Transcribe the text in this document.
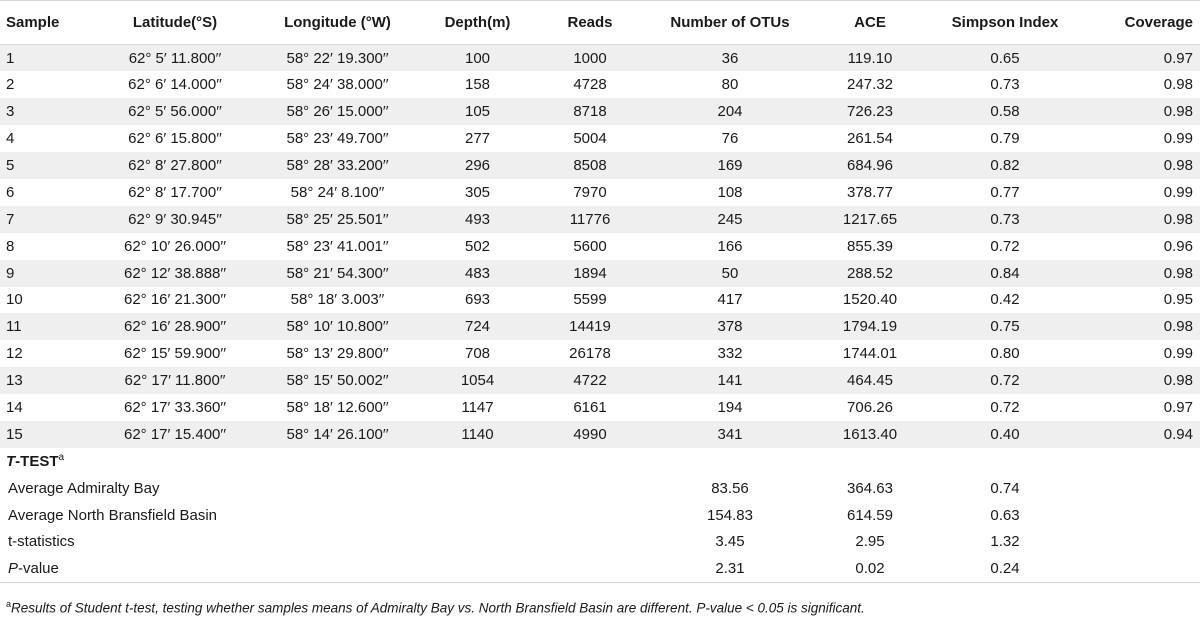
Sample	Latitude(°S)	Longitude (°W)	Depth(m)	Reads	Number of OTUs	ACE	Simpson Index	Coverage
1	62° 5′ 11.800′′	58° 22′ 19.300′′	100	1000	36	119.10	0.65	0.97
2	62° 6′ 14.000′′	58° 24′ 38.000′′	158	4728	80	247.32	0.73	0.98
3	62° 5′ 56.000′′	58° 26′ 15.000′′	105	8718	204	726.23	0.58	0.98
4	62° 6′ 15.800′′	58° 23′ 49.700′′	277	5004	76	261.54	0.79	0.99
5	62° 8′ 27.800′′	58° 28′ 33.200′′	296	8508	169	684.96	0.82	0.98
6	62° 8′ 17.700′′	58° 24′ 8.100′′	305	7970	108	378.77	0.77	0.99
7	62° 9′ 30.945′′	58° 25′ 25.501′′	493	11776	245	1217.65	0.73	0.98
8	62° 10′ 26.000′′	58° 23′ 41.001′′	502	5600	166	855.39	0.72	0.96
9	62° 12′ 38.888′′	58° 21′ 54.300′′	483	1894	50	288.52	0.84	0.98
10	62° 16′ 21.300′′	58° 18′ 3.003′′	693	5599	417	1520.40	0.42	0.95
11	62° 16′ 28.900′′	58° 10′ 10.800′′	724	14419	378	1794.19	0.75	0.98
12	62° 15′ 59.900′′	58° 13′ 29.800′′	708	26178	332	1744.01	0.80	0.99
13	62° 17′ 11.800′′	58° 15′ 50.002′′	1054	4722	141	464.45	0.72	0.98
14	62° 17′ 33.360′′	58° 18′ 12.600′′	1147	6161	194	706.26	0.72	0.97
15	62° 17′ 15.400′′	58° 14′ 26.100′′	1140	4990	341	1613.40	0.40	0.94
T-TEST$^a$
Average Admiralty Bay					83.56	364.63	0.74	
Average North Bransfield Basin					154.83	614.59	0.63	
t-statistics					3.45	2.95	1.32	
P-value					2.31	0.02	0.24	
$^a$Results of Student t-test, testing whether samples means of Admiralty Bay vs. North Bransfield Basin are different. P-value < 0.05 is significant.
